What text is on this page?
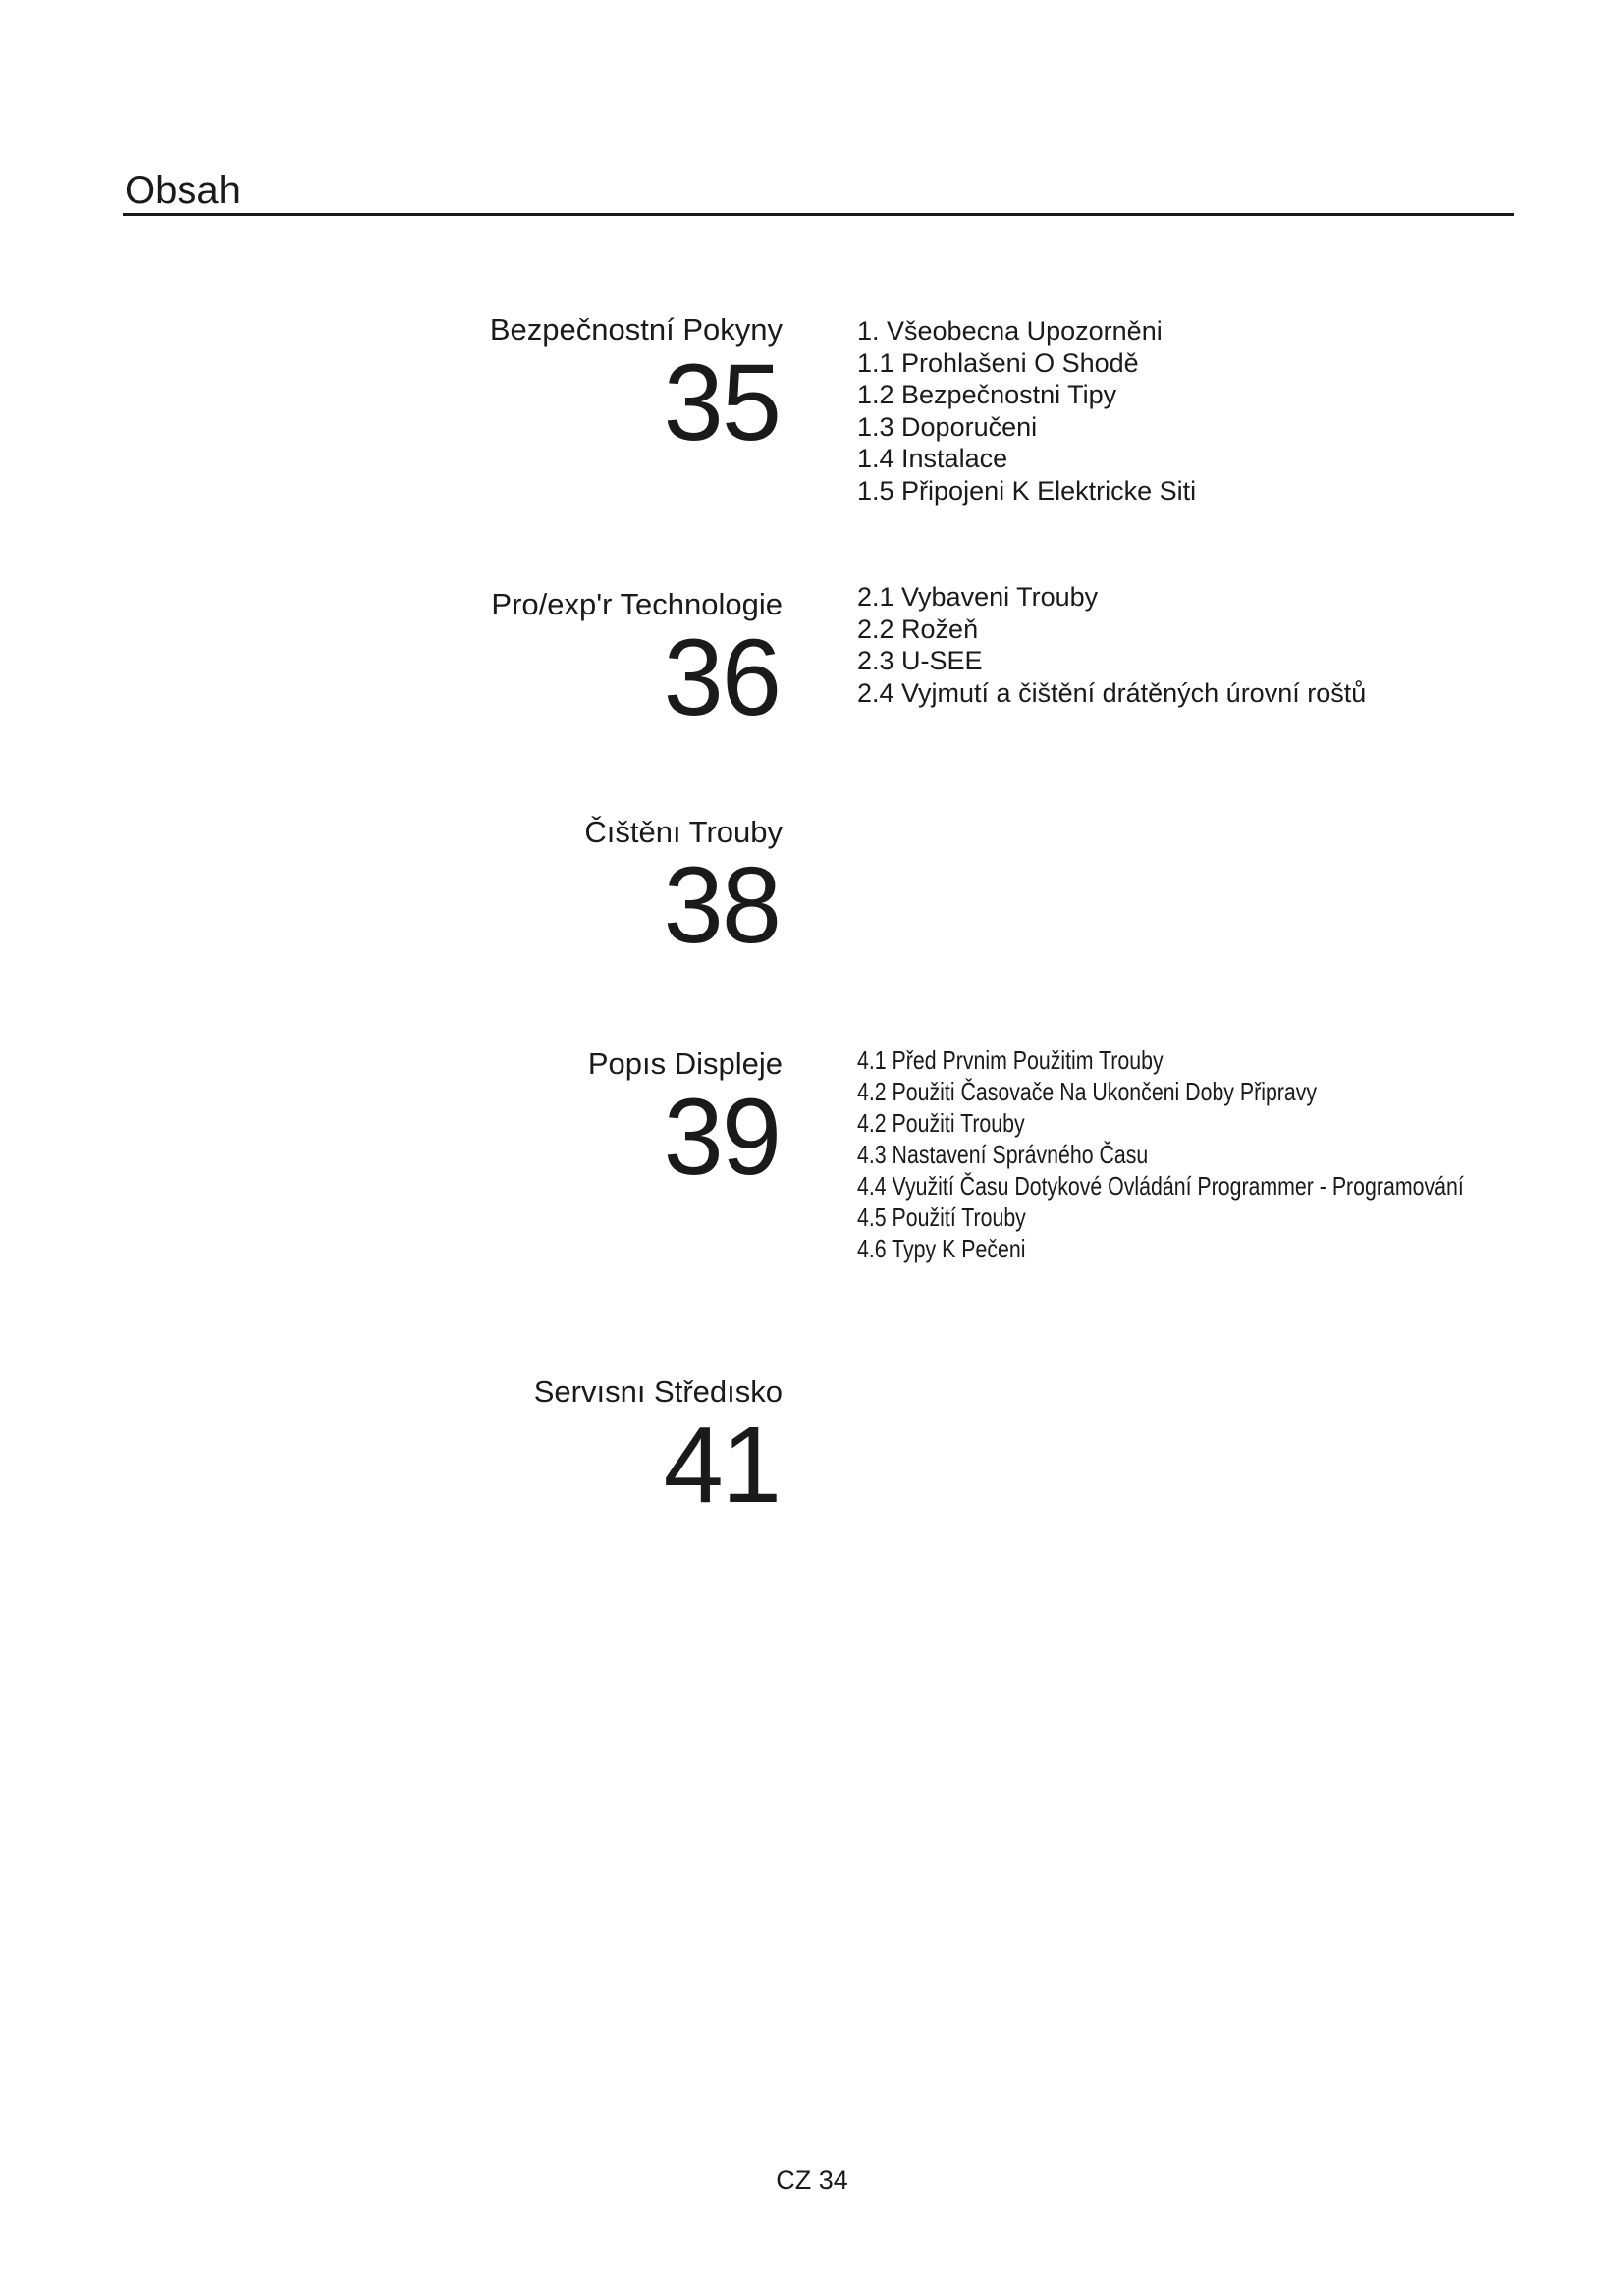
Obsah
Bezpečnostní Pokyny
35
1. Všeobecna Upozorněni
1.1 Prohlašeni O Shodě
1.2 Bezpečnostni Tipy
1.3 Doporučeni
1.4 Instalace
1.5 Připojeni K Elektricke Siti
Pro/exp'r Technologie
36
2.1 Vybaveni Trouby
2.2 Rožeň
2.3 U-SEE
2.4 Vyjmutí a čištění drátěných úrovní roštů
Čıštěnı Trouby
38
Popıs Displeje
39
4.1 Před Prvnim Použitim Trouby
4.2 Použiti Časovače Na Ukončeni Doby Připravy
4.2 Použiti Trouby
4.3 Nastavení Správného Času
4.4 Využití Času Dotykové Ovládání Programmer - Programování
4.5 Použití Trouby
4.6 Typy K Pečeni
Servısnı Středısko
41
CZ 34
